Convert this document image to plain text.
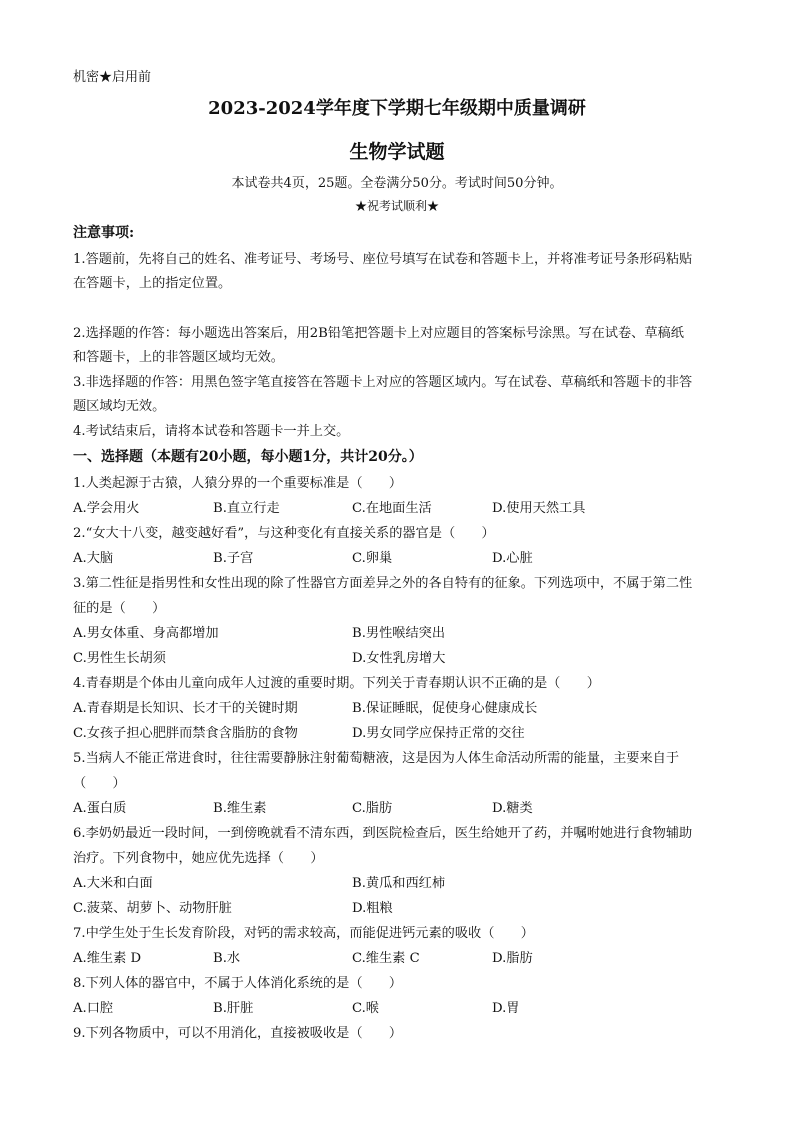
机密★启用前
2023-2024学年度下学期七年级期中质量调研
生物学试题
本试卷共4页，25题。全卷满分50分。考试时间50分钟。
★祝考试顺利★
注意事项:
1.答题前，先将自己的姓名、准考证号、考场号、座位号填写在试卷和答题卡上，并将准考证号条形码粘贴
在答题卡，上的指定位置。
2.选择题的作答：每小题选出答案后，用2B铅笔把答题卡上对应题目的答案标号涂黑。写在试卷、草稿纸
和答题卡，上的非答题区域均无效。
3.非选择题的作答：用黑色签字笔直接答在答题卡上对应的答题区域内。写在试卷、草稿纸和答题卡的非答
题区域均无效。
4.考试结束后，请将本试卷和答题卡一并上交。
一、选择题（本题有20小题，每小题1分，共计20分。）
1.人类起源于古猿，人猿分界的一个重要标准是（　　）
A.学会用火	B.直立行走	C.在地面生活	D.使用天然工具
2.“女大十八变，越变越好看”，与这种变化有直接关系的器官是（　　）
A.大脑	B.子宫	C.卵巢	D.心脏
3.第二性征是指男性和女性出现的除了性器官方面差异之外的各自特有的征象。下列选项中，不属于第二性
征的是（　　）
A.男女体重、身高都增加	B.男性喉结突出
C.男性生长胡须	D.女性乳房增大
4.青春期是个体由儿童向成年人过渡的重要时期。下列关于青春期认识不正确的是（　　）
A.青春期是长知识、长才干的关键时期	B.保证睡眠，促使身心健康成长
C.女孩子担心肥胖而禁食含脂肪的食物	D.男女同学应保持正常的交往
5.当病人不能正常进食时，往往需要静脉注射葡萄糖液，这是因为人体生命活动所需的能量，主要来自于
（　　）
A.蛋白质	B.维生素	C.脂肪	D.糖类
6.李奶奶最近一段时间，一到傍晚就看不清东西，到医院检查后，医生给她开了药，并嘱咐她进行食物辅助
治疗。下列食物中，她应优先选择（　　）
A.大米和白面	B.黄瓜和西红柿
C.菠菜、胡萝卜、动物肝脏	D.粗粮
7.中学生处于生长发育阶段，对钙的需求较高，而能促进钙元素的吸收（　　）
A.维生素 D	B.水	C.维生素 C	D.脂肪
8.下列人体的器官中，不属于人体消化系统的是（　　）
A.口腔	B.肝脏	C.喉	D.胃
9.下列各物质中，可以不用消化，直接被吸收是（　　）
